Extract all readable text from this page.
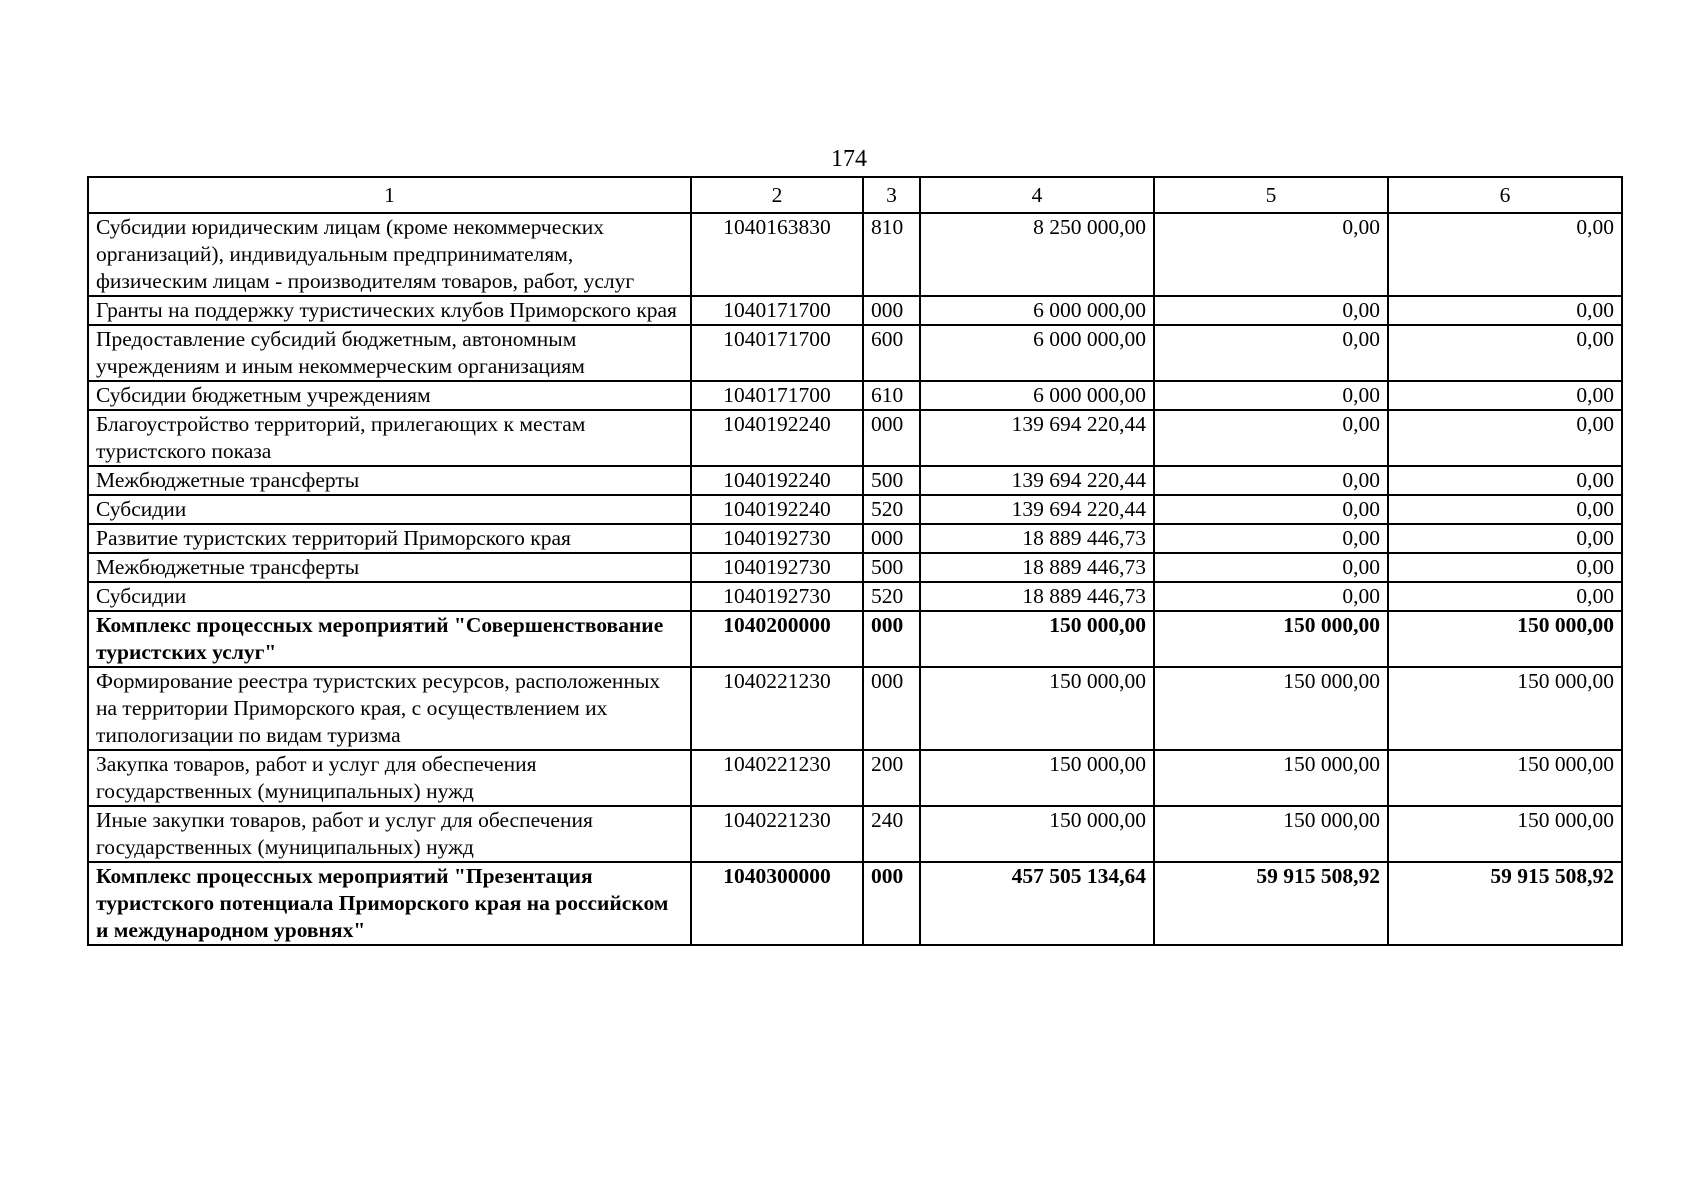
174
1	2	3	4	5	6
Субсидии юридическим лицам (кроме некоммерческих организаций), индивидуальным предпринимателям, физическим лицам - производителям товаров, работ, услуг	1040163830	810	8 250 000,00	0,00	0,00
Гранты на поддержку туристических клубов Приморского края	1040171700	000	6 000 000,00	0,00	0,00
Предоставление субсидий бюджетным, автономным учреждениям и иным некоммерческим организациям	1040171700	600	6 000 000,00	0,00	0,00
Субсидии бюджетным учреждениям	1040171700	610	6 000 000,00	0,00	0,00
Благоустройство территорий, прилегающих к местам туристского показа	1040192240	000	139 694 220,44	0,00	0,00
Межбюджетные трансферты	1040192240	500	139 694 220,44	0,00	0,00
Субсидии	1040192240	520	139 694 220,44	0,00	0,00
Развитие туристских территорий Приморского края	1040192730	000	18 889 446,73	0,00	0,00
Межбюджетные трансферты	1040192730	500	18 889 446,73	0,00	0,00
Субсидии	1040192730	520	18 889 446,73	0,00	0,00
Комплекс процессных мероприятий "Совершенствование туристских услуг"	1040200000	000	150 000,00	150 000,00	150 000,00
Формирование реестра туристских ресурсов, расположенных на территории Приморского края, с осуществлением их типологизации по видам туризма	1040221230	000	150 000,00	150 000,00	150 000,00
Закупка товаров, работ и услуг для обеспечения государственных (муниципальных) нужд	1040221230	200	150 000,00	150 000,00	150 000,00
Иные закупки товаров, работ и услуг для обеспечения государственных (муниципальных) нужд	1040221230	240	150 000,00	150 000,00	150 000,00
Комплекс процессных мероприятий "Презентация туристского потенциала Приморского края на российском и международном уровнях"	1040300000	000	457 505 134,64	59 915 508,92	59 915 508,92
